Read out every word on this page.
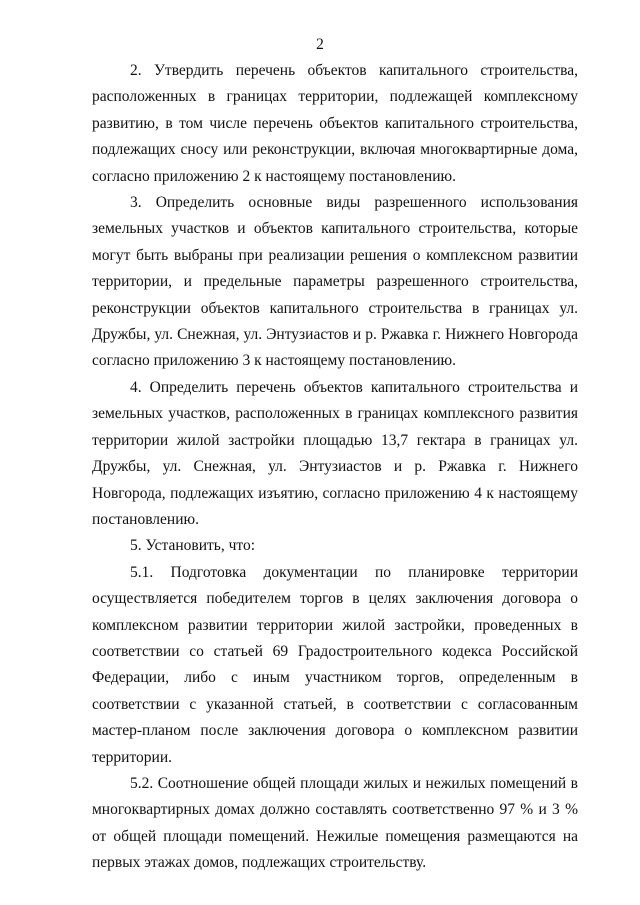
2

2. Утвердить перечень объектов капитального строительства, расположенных в границах территории, подлежащей комплексному развитию, в том числе перечень объектов капитального строительства, подлежащих сносу или реконструкции, включая многоквартирные дома, согласно приложению 2 к настоящему постановлению.

3. Определить основные виды разрешенного использования земельных участков и объектов капитального строительства, которые могут быть выбраны при реализации решения о комплексном развитии территории, и предельные параметры разрешенного строительства, реконструкции объектов капитального строительства в границах ул. Дружбы, ул. Снежная, ул. Энтузиастов и р. Ржавка г. Нижнего Новгорода согласно приложению 3 к настоящему постановлению.

4. Определить перечень объектов капитального строительства и земельных участков, расположенных в границах комплексного развития территории жилой застройки площадью 13,7 гектара в границах ул. Дружбы, ул. Снежная, ул. Энтузиастов и р. Ржавка г. Нижнего Новгорода, подлежащих изъятию, согласно приложению 4 к настоящему постановлению.

5. Установить, что:

5.1. Подготовка документации по планировке территории осуществляется победителем торгов в целях заключения договора о комплексном развитии территории жилой застройки, проведенных в соответствии со статьей 69 Градостроительного кодекса Российской Федерации, либо с иным участником торгов, определенным в соответствии с указанной статьей, в соответствии с согласованным мастер-планом после заключения договора о комплексном развитии территории.

5.2. Соотношение общей площади жилых и нежилых помещений в многоквартирных домах должно составлять соответственно 97 % и 3 % от общей площади помещений. Нежилые помещения размещаются на первых этажах домов, подлежащих строительству.
